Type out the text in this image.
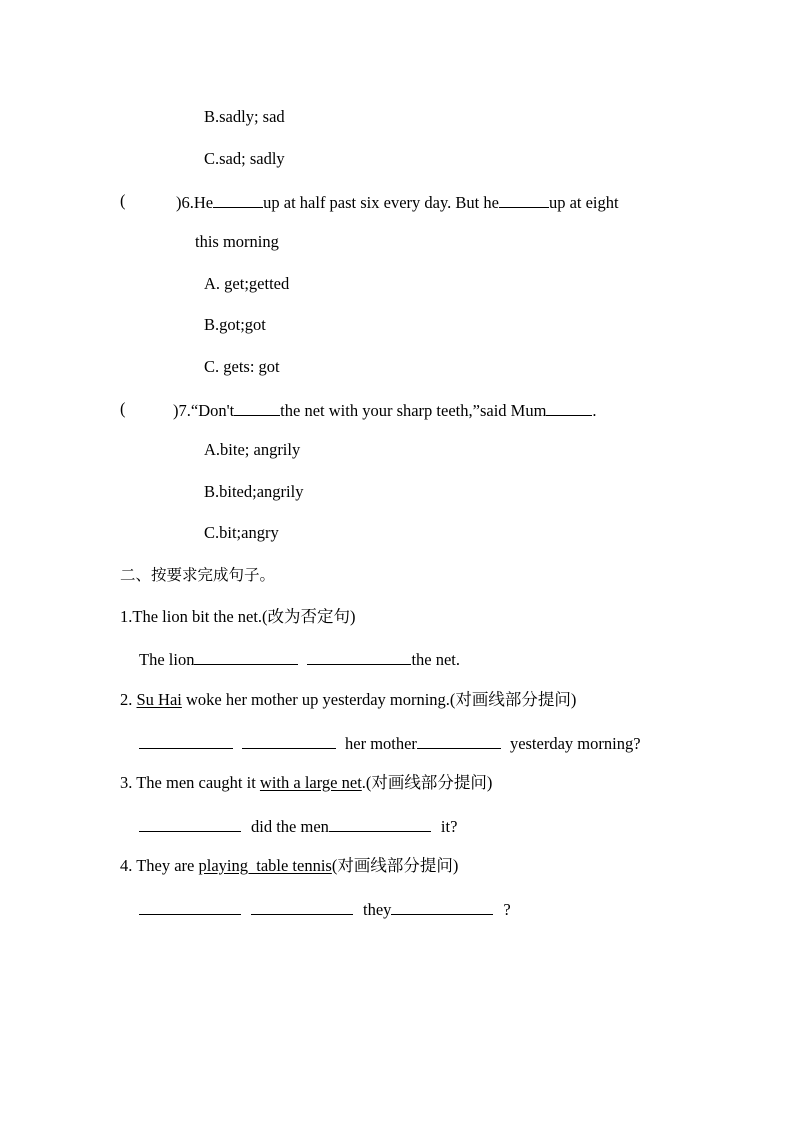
B.sadly; sad
C.sad; sadly
(	)6.He	up at half past six every day. But he	up at eight
this morning
A. get;getted
B.got;got
C. gets: got
(	)7.“Don't	the net with your sharp teeth,”said Mum	.
A.bite; angrily
B.bited;angrily
C.bit;angry
二、按要求完成句子。
1.The lion bit the net.(改为否定句)
The lion	the net.
2. Su Hai woke her mother up yesterday morning.(对画线部分提问)
her mother	yesterday morning?
3. The men caught it with a large net.(对画线部分提问)
did the men	it?
4. They are playing  table tennis(对画线部分提问)
they	?
